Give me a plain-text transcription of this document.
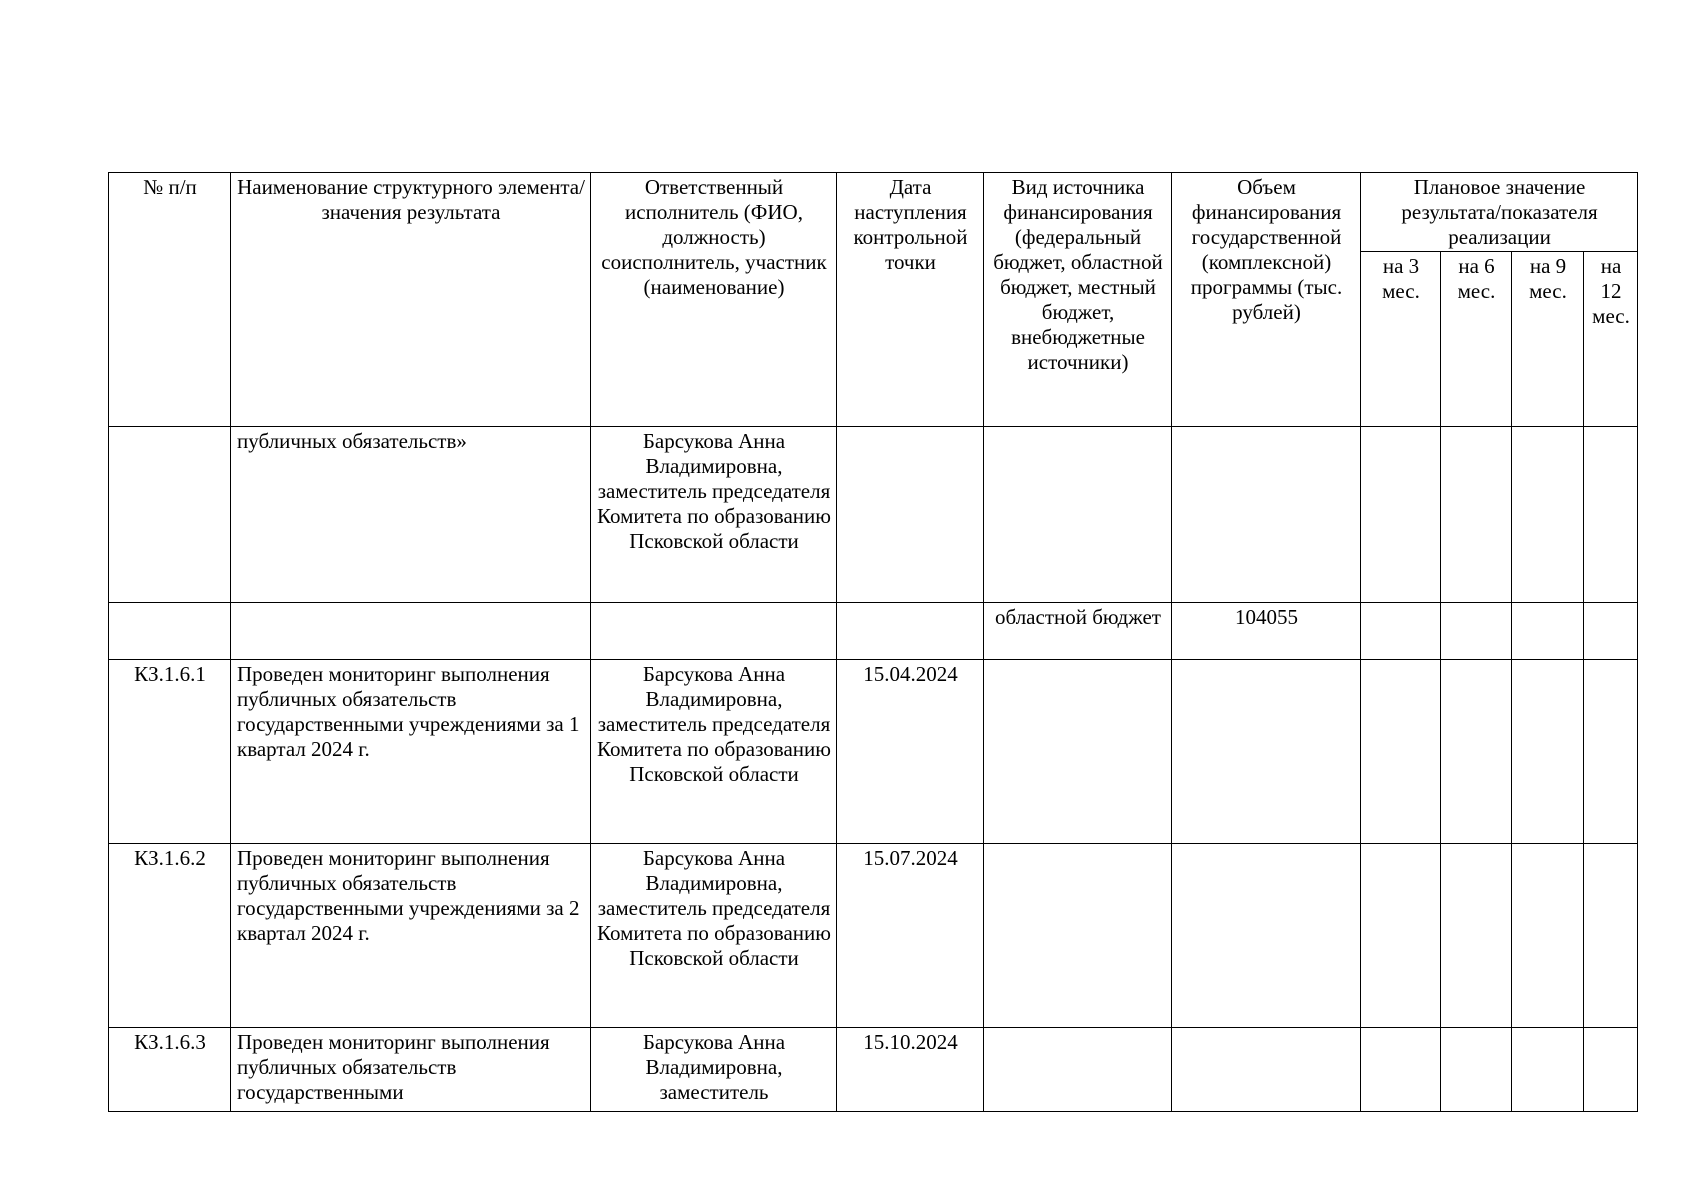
№ п/п	Наименование структурного элемента/ значения результата	Ответственный исполнитель (ФИО, должность) соисполнитель, участник (наименование)	Дата наступления контрольной точки	Вид источника финансирования (федеральный бюджет, областной бюджет, местный бюджет, внебюджетные источники)	Объем финансирования государственной (комплексной) программы (тыс. рублей)	Плановое значение результата/показателя реализации			
						на 3 мес.	на 6 мес.	на 9 мес.	на 12 мес.
	публичных обязательств»	Барсукова Анна Владимировна, заместитель председателя Комитета по образованию Псковской области							
				областной бюджет	104055				
КЗ.1.6.1	Проведен мониторинг выполнения публичных обязательств государственными учреждениями за 1 квартал 2024 г.	Барсукова Анна Владимировна, заместитель председателя Комитета по образованию Псковской области	15.04.2024						
КЗ.1.6.2	Проведен мониторинг выполнения публичных обязательств государственными учреждениями за 2 квартал 2024 г.	Барсукова Анна Владимировна, заместитель председателя Комитета по образованию Псковской области	15.07.2024						
КЗ.1.6.3	Проведен мониторинг выполнения публичных обязательств государственными	Барсукова Анна Владимировна, заместитель	15.10.2024						
